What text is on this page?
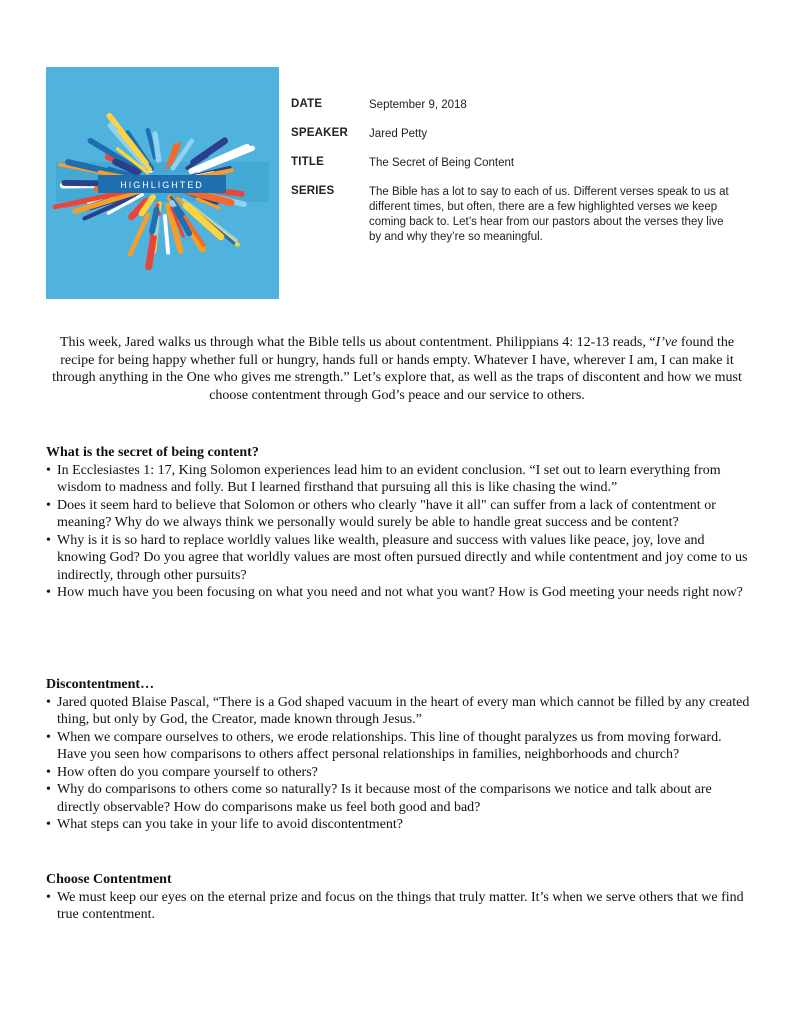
HIGHLIGHTED
DATE	September 9, 2018
SPEAKER	Jared Petty
TITLE	The Secret of Being Content
SERIES	The Bible has a lot to say to each of us. Different verses speak to us at different times, but often, there are a few highlighted verses we keep coming back to. Let’s hear from our pastors about the verses they live by and why they’re so meaningful.

This week, Jared walks us through what the Bible tells us about contentment. Philippians 4: 12-13 reads, “I’ve found the recipe for being happy whether full or hungry, hands full or hands empty. Whatever I have, wherever I am, I can make it through anything in the One who gives me strength.” Let’s explore that, as well as the traps of discontent and how we must choose contentment through God’s peace and our service to others.

What is the secret of being content?
• In Ecclesiastes 1: 17, King Solomon experiences lead him to an evident conclusion. “I set out to learn everything from wisdom to madness and folly. But I learned firsthand that pursuing all this is like chasing the wind.”
• Does it seem hard to believe that Solomon or others who clearly "have it all" can suffer from a lack of contentment or meaning? Why do we always think we personally would surely be able to handle great success and be content?
• Why is it is so hard to replace worldly values like wealth, pleasure and success with values like peace, joy, love and knowing God? Do you agree that worldly values are most often pursued directly and while contentment and joy come to us indirectly, through other pursuits?
• How much have you been focusing on what you need and not what you want? How is God meeting your needs right now?
Discontentment…
• Jared quoted Blaise Pascal, “There is a God shaped vacuum in the heart of every man which cannot be filled by any created thing, but only by God, the Creator, made known through Jesus.”
• When we compare ourselves to others, we erode relationships. This line of thought paralyzes us from moving forward. Have you seen how comparisons to others affect personal relationships in families, neighborhoods and church?
• How often do you compare yourself to others?
• Why do comparisons to others come so naturally? Is it because most of the comparisons we notice and talk about are directly observable? How do comparisons make us feel both good and bad?
• What steps can you take in your life to avoid discontentment?
Choose Contentment
• We must keep our eyes on the eternal prize and focus on the things that truly matter. It’s when we serve others that we find true contentment.
